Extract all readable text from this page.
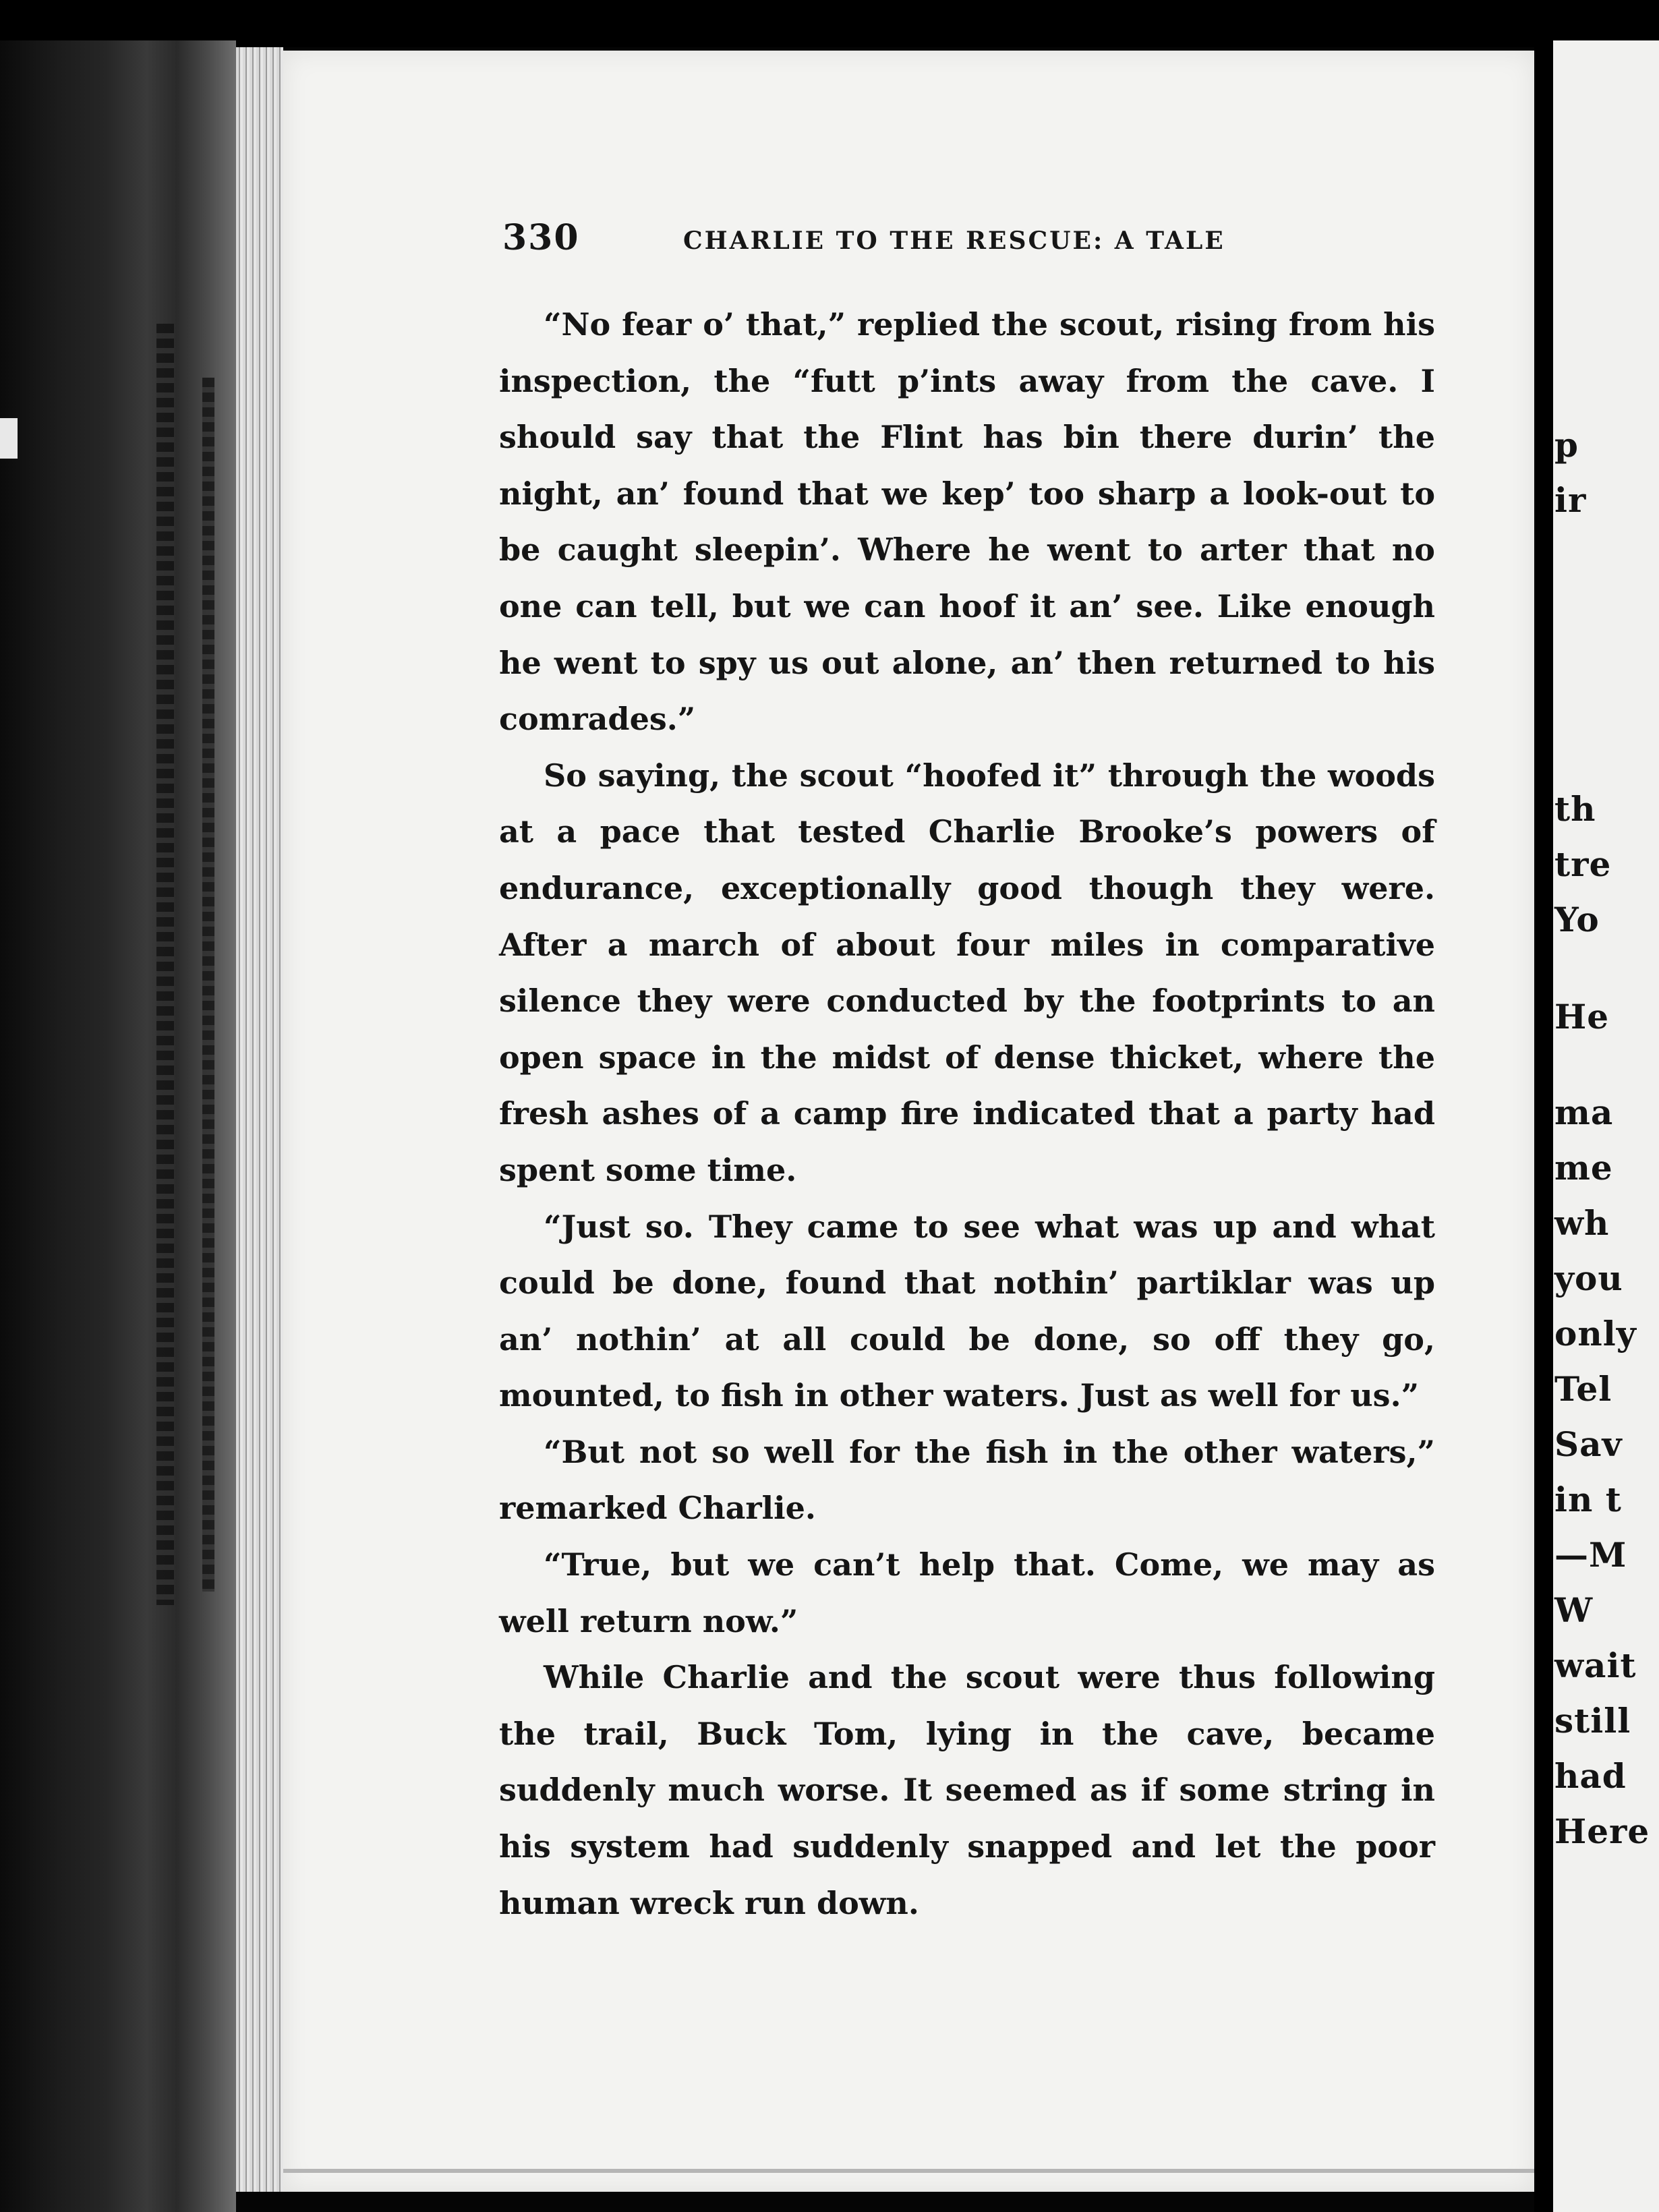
330	CHARLIE TO THE RESCUE: A TALE

“No fear o’ that,” replied the scout, rising from his inspection, the “futt p’ints away from the cave. I should say that the Flint has bin there durin’ the night, an’ found that we kep’ too sharp a look-out to be caught sleepin’. Where he went to arter that no one can tell, but we can hoof it an’ see. Like enough he went to spy us out alone, an’ then returned to his comrades.”

So saying, the scout “hoofed it” through the woods at a pace that tested Charlie Brooke’s powers of endurance, exceptionally good though they were. After a march of about four miles in comparative silence they were conducted by the footprints to an open space in the midst of dense thicket, where the fresh ashes of a camp fire indicated that a party had spent some time.

“Just so. They came to see what was up and what could be done, found that nothin’ partiklar was up an’ nothin’ at all could be done, so off they go, mounted, to fish in other waters. Just as well for us.”

“But not so well for the fish in the other waters,” remarked Charlie.

“True, but we can’t help that. Come, we may as well return now.”

While Charlie and the scout were thus following the trail, Buck Tom, lying in the cave, became suddenly much worse. It seemed as if some string in his system had suddenly snapped and let the poor human wreck run down.

p
ir
th
tre
Yo
He
ma
me
wh
you
only
Tel
Sav
in t
—M
W
wait
still
had
Here
